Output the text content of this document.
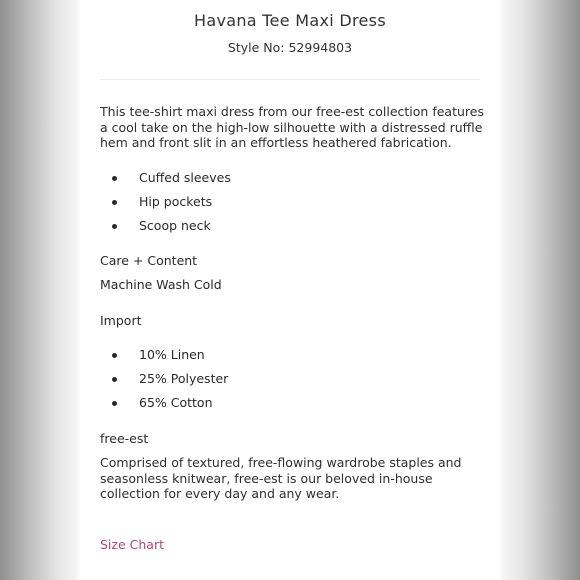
Havana Tee Maxi Dress
Style No: 52994803
This tee-shirt maxi dress from our free-est collection features
a cool take on the high-low silhouette with a distressed ruffle
hem and front slit in an effortless heathered fabrication.
Cuffed sleeves
Hip pockets
Scoop neck
Care + Content
Machine Wash Cold
Import
10% Linen
25% Polyester
65% Cotton
free-est
Comprised of textured, free-flowing wardrobe staples and
seasonless knitwear, free-est is our beloved in-house
collection for every day and any wear.
Size Chart
